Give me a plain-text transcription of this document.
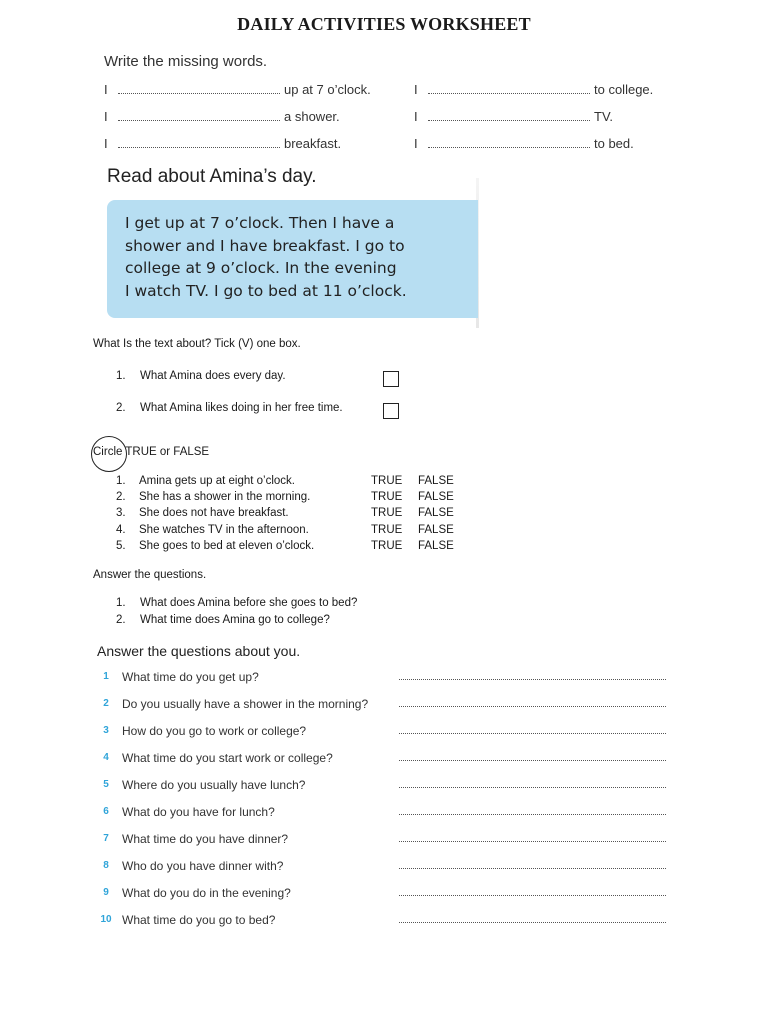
DAILY ACTIVITIES WORKSHEET
Write the missing words.
I	up at 7 o’clock.	I	to college.
I	a shower.	I	TV.
I	breakfast.	I	to bed.
Read about Amina’s day.
I get up at 7 o’clock. Then I have a
shower and I have breakfast. I go to
college at 9 o’clock. In the evening
I watch TV. I go to bed at 11 o’clock.
What Is the text about? Tick (V) one box.
1.	What Amina does every day.
2.	What Amina likes doing in her free time.
Circle TRUE or FALSE
1.	Amina gets up at eight o’clock.	TRUE	FALSE
2.	She has a shower in the morning.	TRUE	FALSE
3.	She does not have breakfast.	TRUE	FALSE
4.	She watches TV in the afternoon.	TRUE	FALSE
5.	She goes to bed at eleven o’clock.	TRUE	FALSE
Answer the questions.
1.	What does Amina before she goes to bed?
2.	What time does Amina go to college?
Answer the questions about you.
1	What time do you get up?
2	Do you usually have a shower in the morning?
3	How do you go to work or college?
4	What time do you start work or college?
5	Where do you usually have lunch?
6	What do you have for lunch?
7	What time do you have dinner?
8	Who do you have dinner with?
9	What do you do in the evening?
10 What time do you go to bed?
